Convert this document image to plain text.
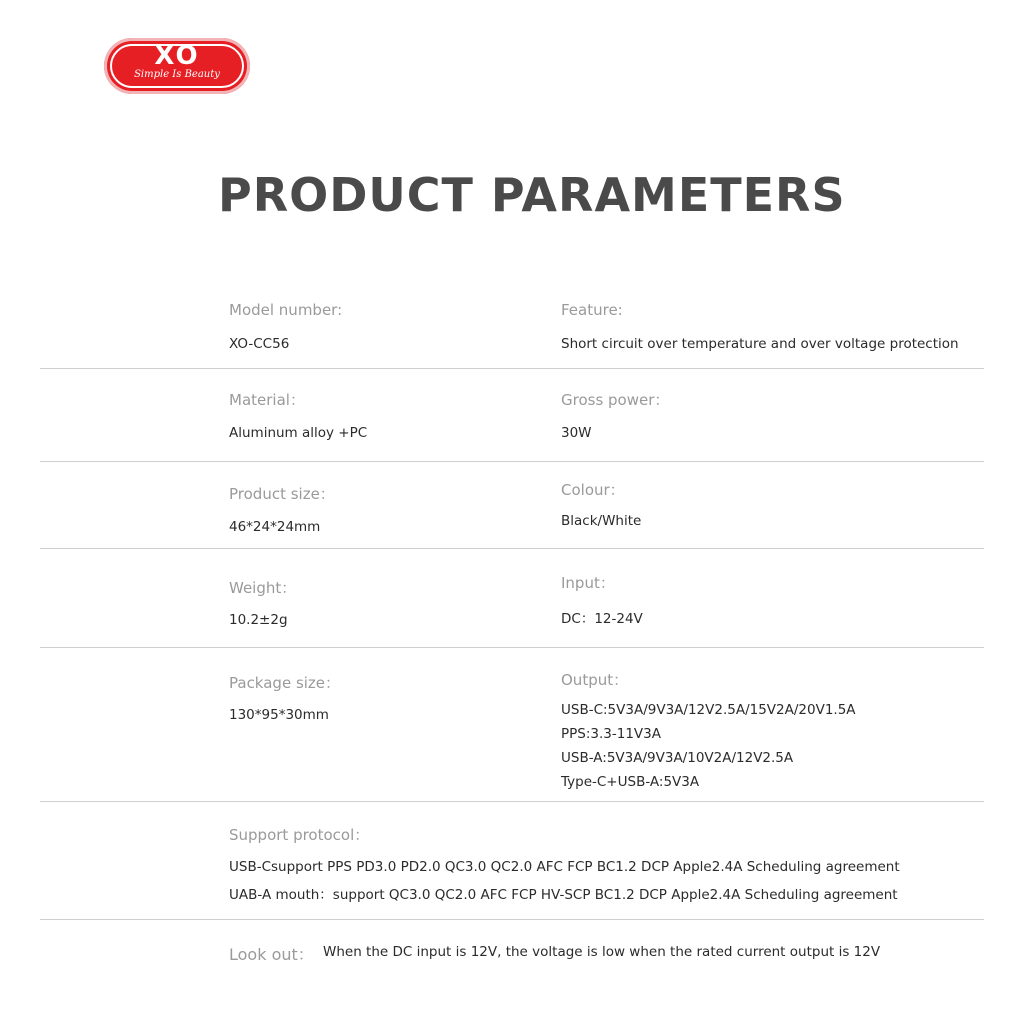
XO
Simple Is Beauty
PRODUCT PARAMETERS
Model number:
XO-CC56
Feature:
Short circuit over temperature and over voltage protection
Material：
Aluminum alloy +PC
Gross power：
30W
Product size：
46*24*24mm
Colour：
Black/White
Weight：
10.2±2g
Input：
DC：12-24V
Package size：
130*95*30mm
Output：
USB-C:5V3A/9V3A/12V2.5A/15V2A/20V1.5A
PPS:3.3-11V3A
USB-A:5V3A/9V3A/10V2A/12V2.5A
Type-C+USB-A:5V3A
Support protocol：
USB-Csupport PPS PD3.0 PD2.0 QC3.0 QC2.0 AFC FCP BC1.2 DCP Apple2.4A Scheduling agreement
UAB-A mouth：support QC3.0 QC2.0 AFC FCP HV-SCP BC1.2 DCP Apple2.4A Scheduling agreement
Look out： When the DC input is 12V, the voltage is low when the rated current output is 12V
